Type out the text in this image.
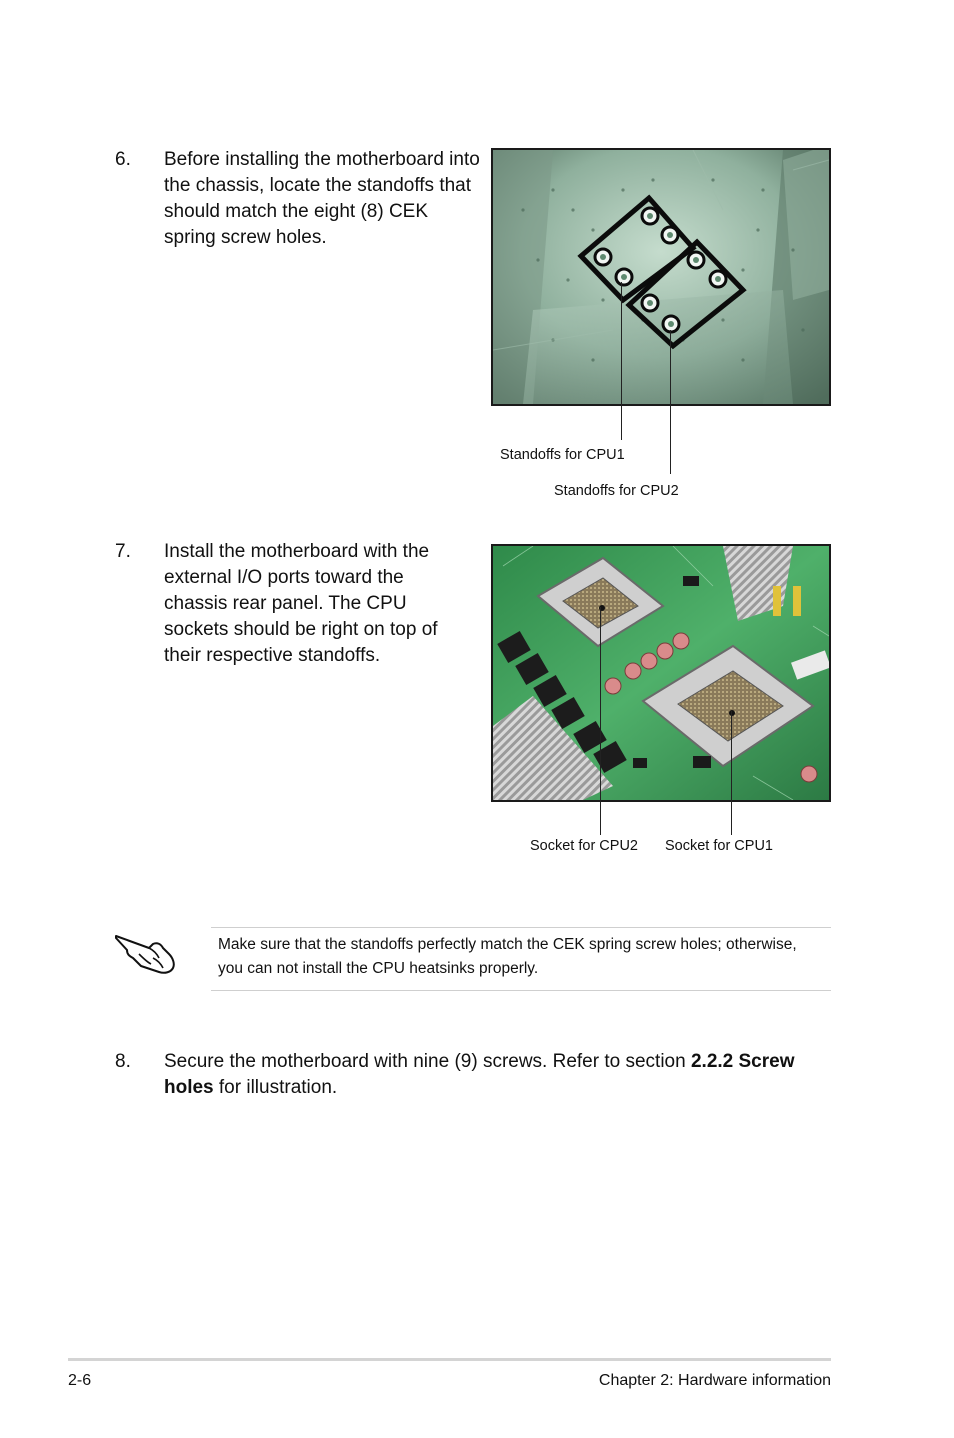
6. Before installing the motherboard into the chassis, locate the standoffs that should match the eight (8) CEK spring screw holes.
Standoffs for CPU1
Standoffs for CPU2
7. Install the motherboard with the external I/O ports toward the chassis rear panel. The CPU sockets should be right on top of their respective standoffs.
Socket for CPU2 Socket for CPU1
Make sure that the standoffs perfectly match the CEK spring screw holes; otherwise, you can not install the CPU heatsinks properly.
8. Secure the motherboard with nine (9) screws. Refer to section 2.2.2 Screw holes for illustration.
2-6	Chapter 2: Hardware information
